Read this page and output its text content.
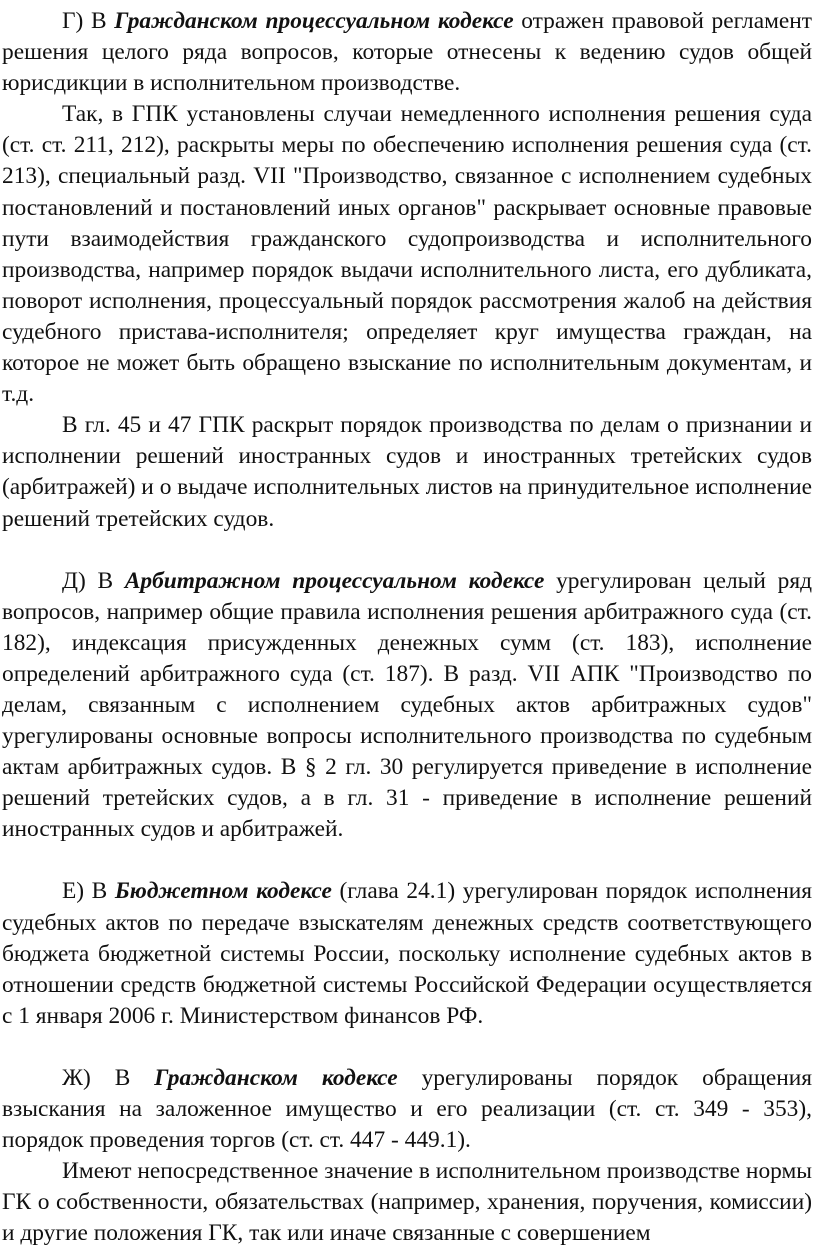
Г) В Гражданском процессуальном кодексе отражен правовой регламент решения целого ряда вопросов, которые отнесены к ведению судов общей юрисдикции в исполнительном производстве.

Так, в ГПК установлены случаи немедленного исполнения решения суда (ст. ст. 211, 212), раскрыты меры по обеспечению исполнения решения суда (ст. 213), специальный разд. VII "Производство, связанное с исполнением судебных постановлений и постановлений иных органов" раскрывает основные правовые пути взаимодействия гражданского судопроизводства и исполнительного производства, например порядок выдачи исполнительного листа, его дубликата, поворот исполнения, процессуальный порядок рассмотрения жалоб на действия судебного пристава-исполнителя; определяет круг имущества граждан, на которое не может быть обращено взыскание по исполнительным документам, и т.д.

В гл. 45 и 47 ГПК раскрыт порядок производства по делам о признании и исполнении решений иностранных судов и иностранных третейских судов (арбитражей) и о выдаче исполнительных листов на принудительное исполнение решений третейских судов.

Д) В Арбитражном процессуальном кодексе урегулирован целый ряд вопросов, например общие правила исполнения решения арбитражного суда (ст. 182), индексация присужденных денежных сумм (ст. 183), исполнение определений арбитражного суда (ст. 187). В разд. VII АПК "Производство по делам, связанным с исполнением судебных актов арбитражных судов" урегулированы основные вопросы исполнительного производства по судебным актам арбитражных судов. В § 2 гл. 30 регулируется приведение в исполнение решений третейских судов, а в гл. 31 - приведение в исполнение решений иностранных судов и арбитражей.

Е) В Бюджетном кодексе (глава 24.1) урегулирован порядок исполнения судебных актов по передаче взыскателям денежных средств соответствующего бюджета бюджетной системы России, поскольку исполнение судебных актов в отношении средств бюджетной системы Российской Федерации осуществляется с 1 января 2006 г. Министерством финансов РФ.

Ж) В Гражданском кодексе урегулированы порядок обращения взыскания на заложенное имущество и его реализации (ст. ст. 349 - 353), порядок проведения торгов (ст. ст. 447 - 449.1).

Имеют непосредственное значение в исполнительном производстве нормы ГК о собственности, обязательствах (например, хранения, поручения, комиссии) и другие положения ГК, так или иначе связанные с совершением
